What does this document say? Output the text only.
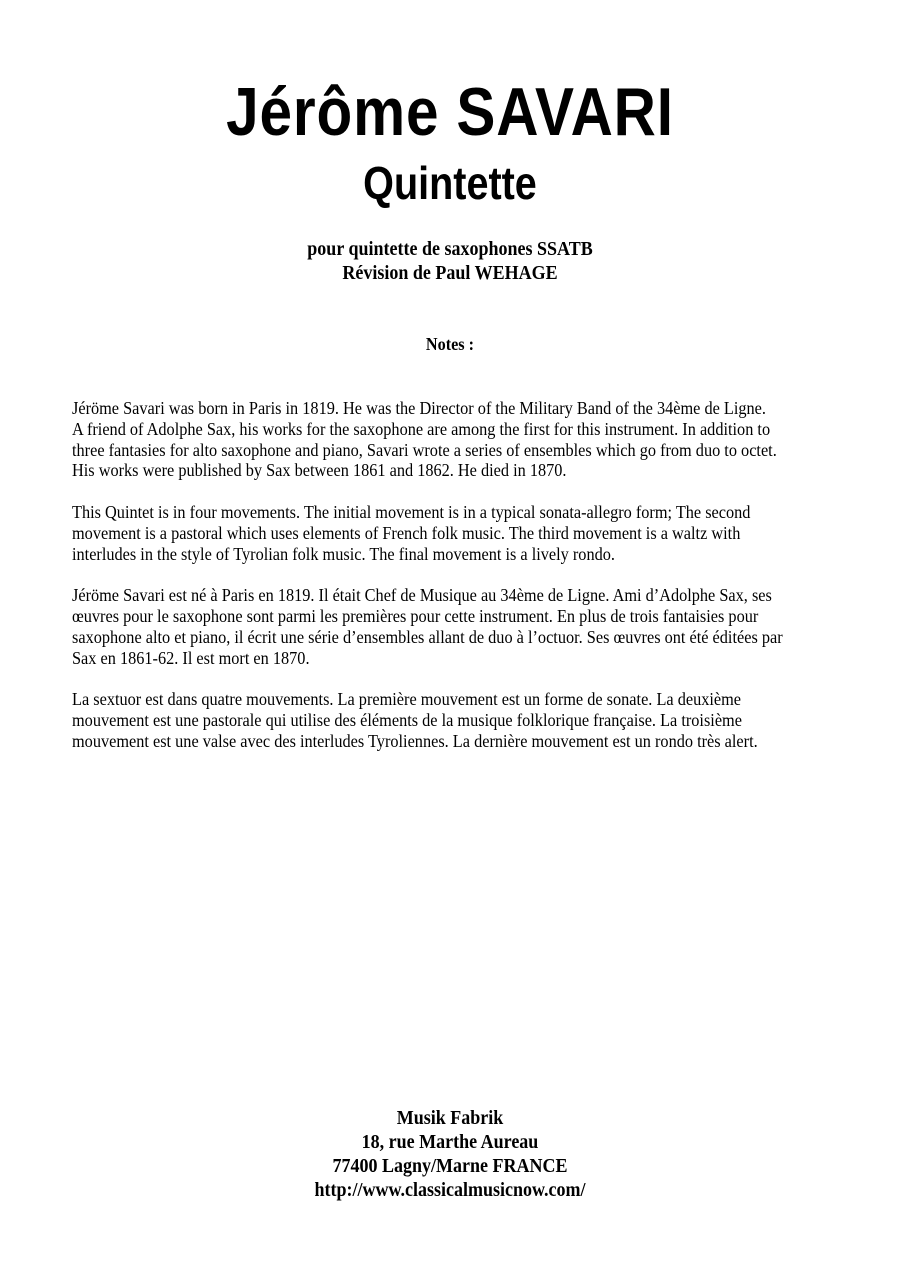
Jérôme SAVARI
Quintette
pour quintette de saxophones SSATB
Révision de Paul WEHAGE
Notes :

Jéröme Savari was born in Paris in 1819. He was the Director of the Military Band of the 34ème de Ligne.
A friend of Adolphe Sax, his works for the saxophone are among the first for this instrument. In addition to
three fantasies for alto saxophone and piano, Savari wrote a series of ensembles which go from duo to octet.
His works were published by Sax between 1861 and 1862. He died in 1870.

This Quintet is in four movements. The initial movement is in a typical sonata-allegro form; The second
movement is a pastoral which uses elements of French folk music. The third movement is a waltz with
interludes in the style of Tyrolian folk music. The final movement is a lively rondo.

Jéröme Savari est né à Paris en 1819. Il était Chef de Musique au 34ème de Ligne. Ami d’Adolphe Sax, ses
œuvres pour le saxophone sont parmi les premières pour cette instrument. En plus de trois fantaisies pour
saxophone alto et piano, il écrit une série d’ensembles allant de duo à l’octuor. Ses œuvres ont été éditées par
Sax en 1861-62. Il est mort en 1870.

La sextuor est dans quatre mouvements. La première mouvement est un forme de sonate. La deuxième
mouvement est une pastorale qui utilise des éléments de la musique folklorique française. La troisième
mouvement est une valse avec des interludes Tyroliennes. La dernière mouvement est un rondo très alert.

Musik Fabrik
18, rue Marthe Aureau
77400 Lagny/Marne FRANCE
http://www.classicalmusicnow.com/
